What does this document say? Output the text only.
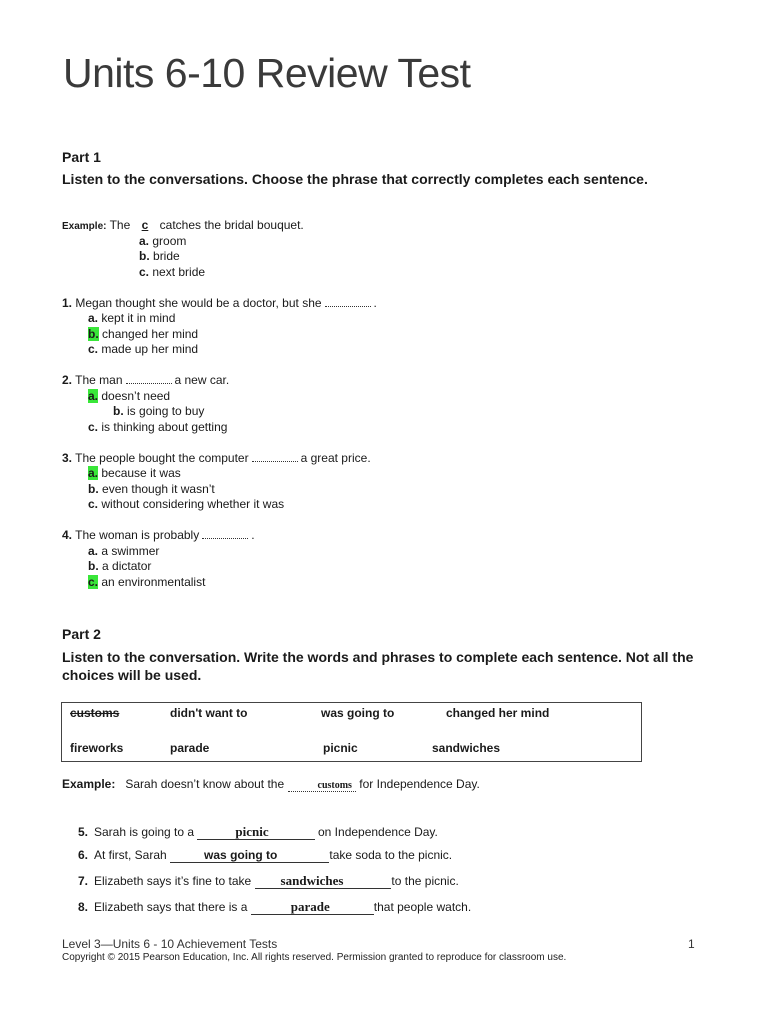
Units 6-10 Review Test
Part 1
Listen to the conversations. Choose the phrase that correctly completes each sentence.
Example: The c catches the bridal bouquet.
a. groom
b. bride
c. next bride
1. Megan thought she would be a doctor, but she	.
a. kept it in mind
b. changed her mind
c. made up her mind
2. The man	a new car.
a. doesn’t need
b. is going to buy
c. is thinking about getting
3. The people bought the computer	a great price.
a. because it was
b. even though it wasn’t
c. without considering whether it was
4. The woman is probably	.
a. a swimmer
b. a dictator
c. an environmentalist
Part 2
Listen to the conversation. Write the words and phrases to complete each sentence. Not all the choices will be used.
customs	didn't want to	was going to	changed her mind
fireworks	parade	picnic	sandwiches
Example: Sarah doesn’t know about the	customs for Independence Day.
5. Sarah is going to a	picnic	on Independence Day.
6. At first, Sarah	was going to	take soda to the picnic.
7. Elizabeth says it’s fine to take sandwiches	to the picnic.
8. Elizabeth says that there is a	parade	that people watch.
Level 3—Units 6 - 10 Achievement Tests	1
Copyright © 2015 Pearson Education, Inc. All rights reserved. Permission granted to reproduce for classroom use.
